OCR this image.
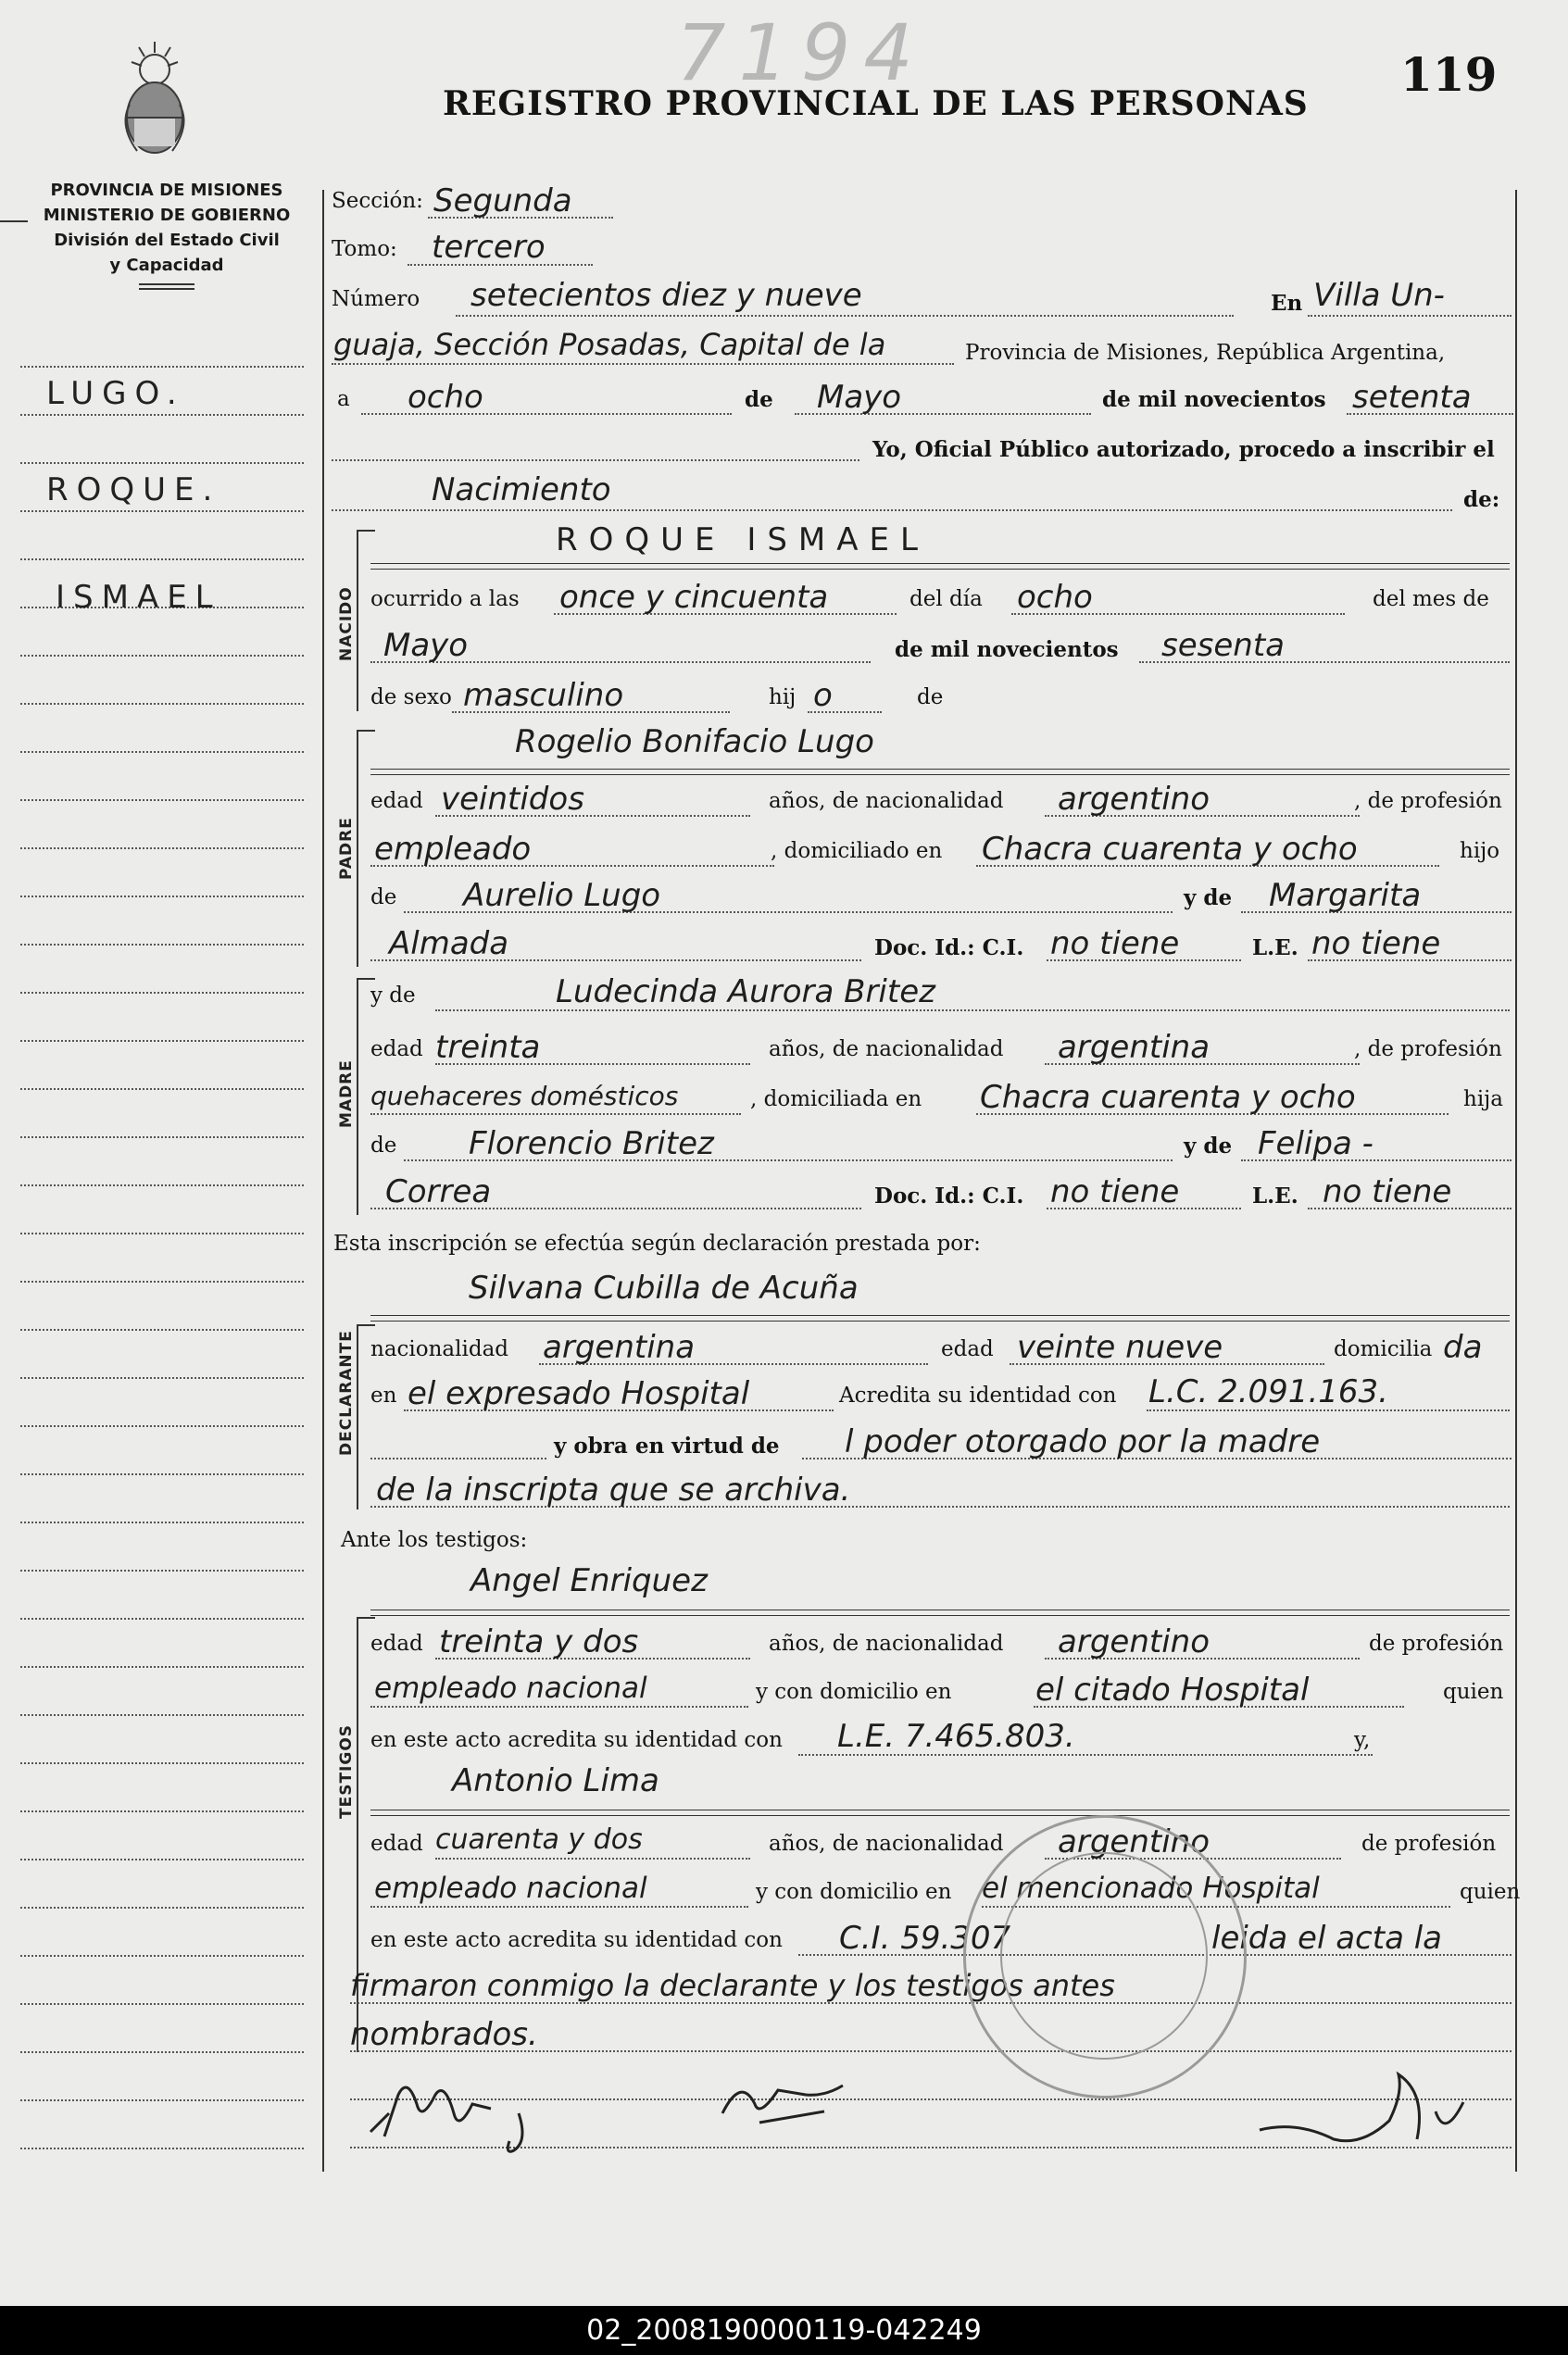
7194
REGISTRO PROVINCIAL DE LAS PERSONAS
119
PROVINCIA DE MISIONES
MINISTERIO DE GOBIERNO
División del Estado Civil
y Capacidad
LUGO.
ROQUE.
ISMAEL
Sección: Segunda
Tomo: tercero
Número setecientos diez y nueve	En Villa Un-
guaja, Sección Posadas, Capital de la	Provincia de Misiones, República Argentina,
a ocho	de Mayo	de mil novecientos setenta
Yo, Oficial Público autorizado, procedo a inscribir el
Nacimiento	de:
NACIDO
ROQUE ISMAEL
ocurrido a las once y cincuenta	del día ocho	del mes de
Mayo	de mil novecientos sesenta
de sexo masculino	hij o	de
PADRE
Rogelio Bonifacio Lugo
edad veintidos	años, de nacionalidad argentino	, de profesión
empleado	, domiciliado en Chacra cuarenta y ocho	hijo
de Aurelio Lugo	y de Margarita
Almada	Doc. Id.: C.I. no tiene	L.E. no tiene
MADRE
y de	Ludecinda Aurora Britez
edad treinta	años, de nacionalidad argentina	, de profesión
quehaceres domésticos	, domiciliada en Chacra cuarenta y ocho	hija
de Florencio Britez	y de Felipa -
Correa	Doc. Id.: C.I. no tiene	L.E. no tiene
Esta inscripción se efectúa según declaración prestada por:
DECLARANTE
Silvana Cubilla de Acuña
nacionalidad argentina	edad veinte nueve	domicilia da
en el expresado Hospital	Acredita su identidad con L.C. 2.091.163.
y obra en virtud de l poder otorgado por la madre
de la inscripta que se archiva.
Ante los testigos:
TESTIGOS
Angel Enriquez
edad treinta y dos	años, de nacionalidad argentino	de profesión
empleado nacional	y con domicilio en	el citado Hospital	quien
en este acto acredita su identidad con L.E. 7.465.803.	y,
Antonio Lima
edad cuarenta y dos	años, de nacionalidad argentino	de profesión
empleado nacional	y con domicilio en el mencionado Hospital	quien
en este acto acredita su identidad con C.I. 59.307	leida el acta la
firmaron conmigo la declarante y los testigos antes
nombrados.
02_2008190000119-042249
